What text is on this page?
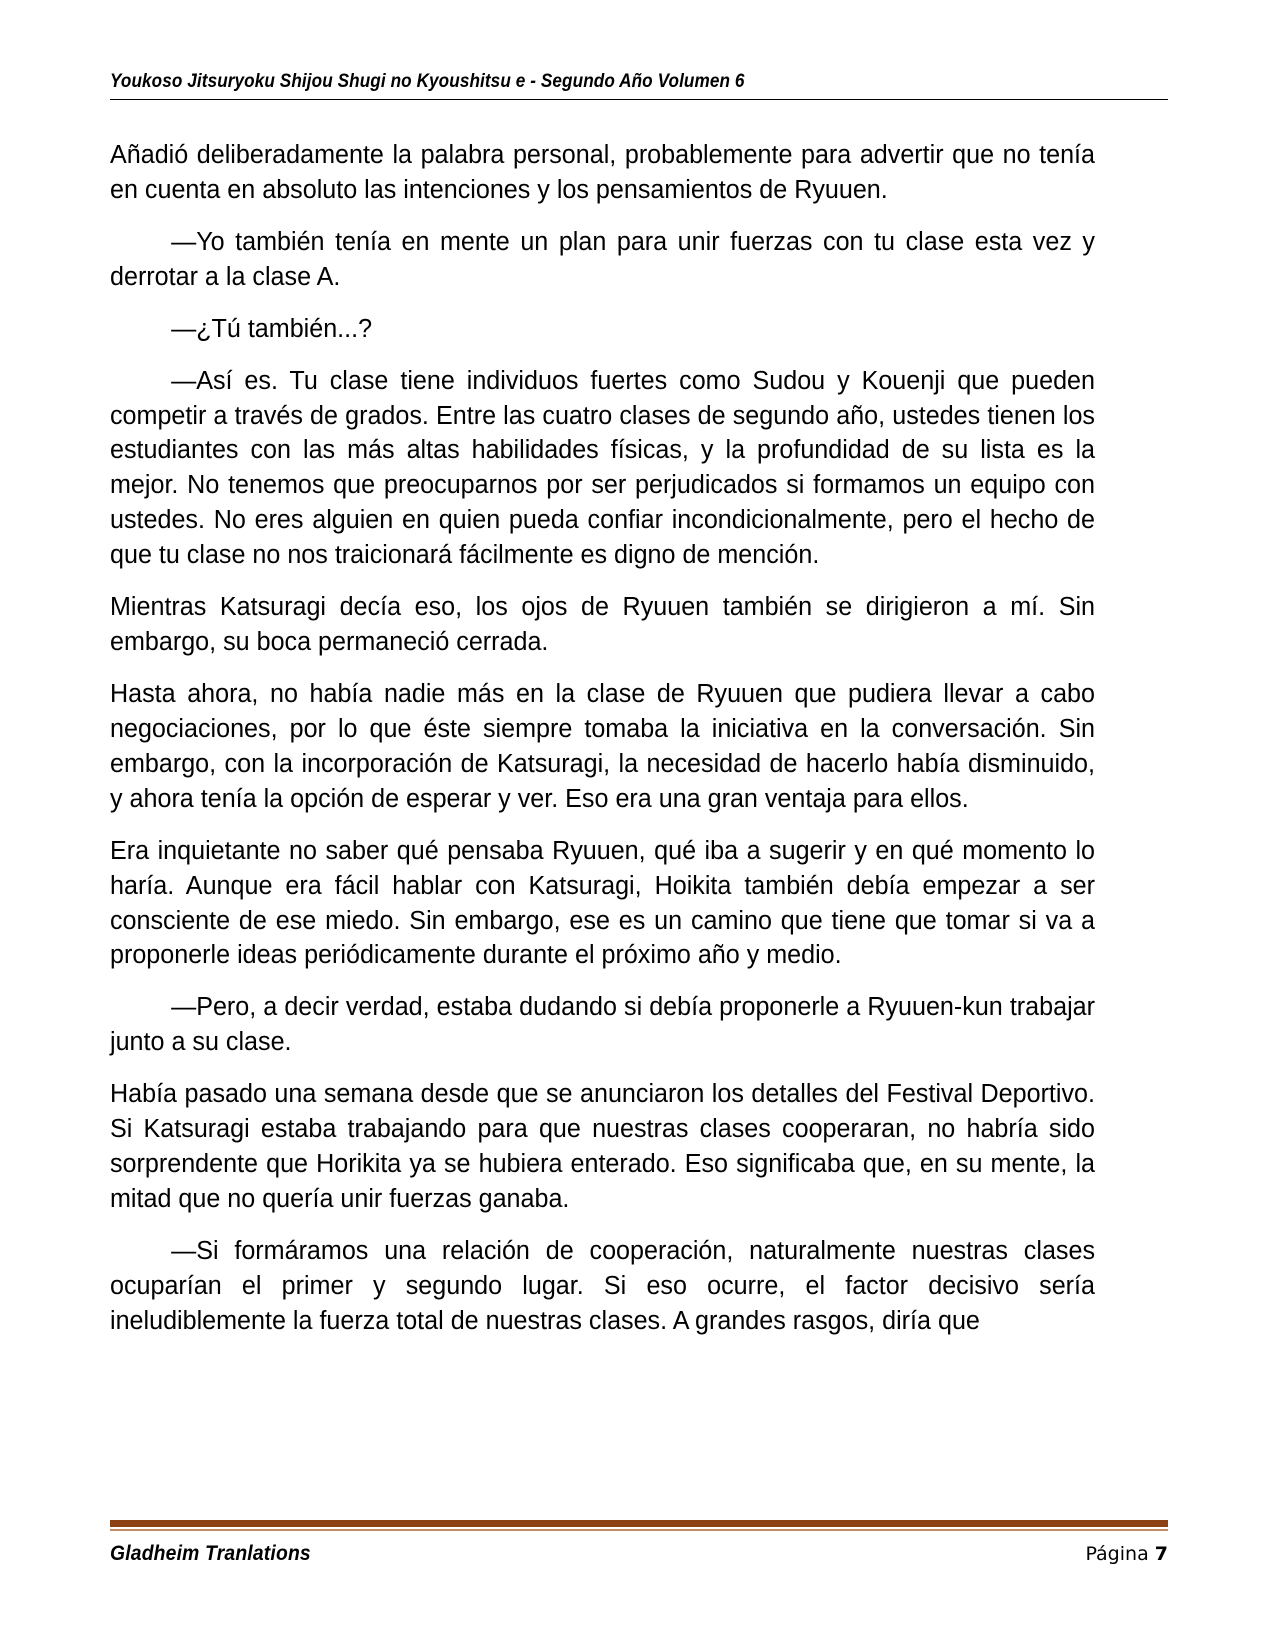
Youkoso Jitsuryoku Shijou Shugi no Kyoushitsu e - Segundo Año Volumen 6

Añadió deliberadamente la palabra personal, probablemente para advertir que no tenía en cuenta en absoluto las intenciones y los pensamientos de Ryuuen.

—Yo también tenía en mente un plan para unir fuerzas con tu clase esta vez y derrotar a la clase A.

—¿Tú también...?

—Así es. Tu clase tiene individuos fuertes como Sudou y Kouenji que pueden competir a través de grados. Entre las cuatro clases de segundo año, ustedes tienen los estudiantes con las más altas habilidades físicas, y la profundidad de su lista es la mejor. No tenemos que preocuparnos por ser perjudicados si formamos un equipo con ustedes. No eres alguien en quien pueda confiar incondicionalmente, pero el hecho de que tu clase no nos traicionará fácilmente es digno de mención.

Mientras Katsuragi decía eso, los ojos de Ryuuen también se dirigieron a mí. Sin embargo, su boca permaneció cerrada.

Hasta ahora, no había nadie más en la clase de Ryuuen que pudiera llevar a cabo negociaciones, por lo que éste siempre tomaba la iniciativa en la conversación. Sin embargo, con la incorporación de Katsuragi, la necesidad de hacerlo había disminuido, y ahora tenía la opción de esperar y ver. Eso era una gran ventaja para ellos.

Era inquietante no saber qué pensaba Ryuuen, qué iba a sugerir y en qué momento lo haría. Aunque era fácil hablar con Katsuragi, Hoikita también debía empezar a ser consciente de ese miedo. Sin embargo, ese es un camino que tiene que tomar si va a proponerle ideas periódicamente durante el próximo año y medio.

—Pero, a decir verdad, estaba dudando si debía proponerle a Ryuuen-kun trabajar junto a su clase.

Había pasado una semana desde que se anunciaron los detalles del Festival Deportivo. Si Katsuragi estaba trabajando para que nuestras clases cooperaran, no habría sido sorprendente que Horikita ya se hubiera enterado. Eso significaba que, en su mente, la mitad que no quería unir fuerzas ganaba.

—Si formáramos una relación de cooperación, naturalmente nuestras clases ocuparían el primer y segundo lugar. Si eso ocurre, el factor decisivo sería ineludiblemente la fuerza total de nuestras clases. A grandes rasgos, diría que

Gladheim Tranlations	Página 7
